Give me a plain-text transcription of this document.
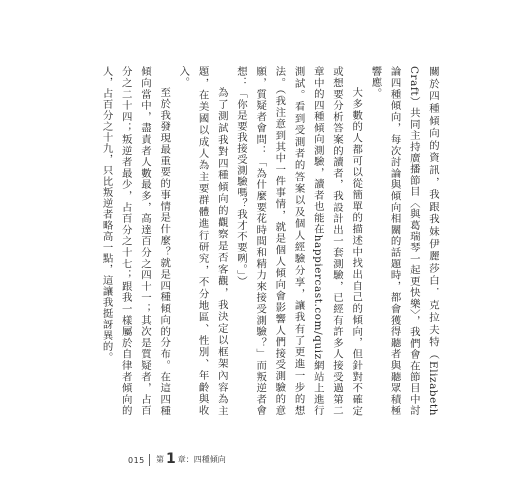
關於四種傾向的資訊，我跟我妹伊麗莎白．克拉夫特（Elizabeth Craft）共同主持廣播節目〈與葛瑞琴一起更快樂〉，我們會在節目中討論四種傾向，每次討論與傾向相關的話題時，都會獲得聽者與聽眾積極響應。

大多數的人都可以從簡單的描述中找出自己的傾向，但針對不確定或想要分析答案的讀者，我設計出一套測驗，已經有許多人接受過第二章中的四種傾向測驗，讀者也能在happiercast.com/quiz網站上進行測試。看到受測者的答案以及個人經驗分享，讓我有了更進一步的想法。（我注意到其中一件事情，就是個人傾向會影響人們接受測驗的意願，質疑者會問：「為什麼要花時間和精力來接受測驗？」而叛逆者會想：「你是要我接受測驗嗎？我才不要咧。」）

為了測試我對四種傾向的觀察是否客觀，我決定以框架內容為主題，在美國以成人為主要群體進行研究，不分地區、性別、年齡與收入。

至於我發現最重要的事情是什麼？就是四種傾向的分布。在這四種傾向當中，盡責者人數最多，高達百分之四十一；其次是質疑者，占百分之二十四；叛逆者最少，占百分之十七；跟我一樣屬於自律者傾向的人，占百分之十九，只比叛逆者略高一點，這讓我挺訝異的。

015 第 1 章：四種傾向
